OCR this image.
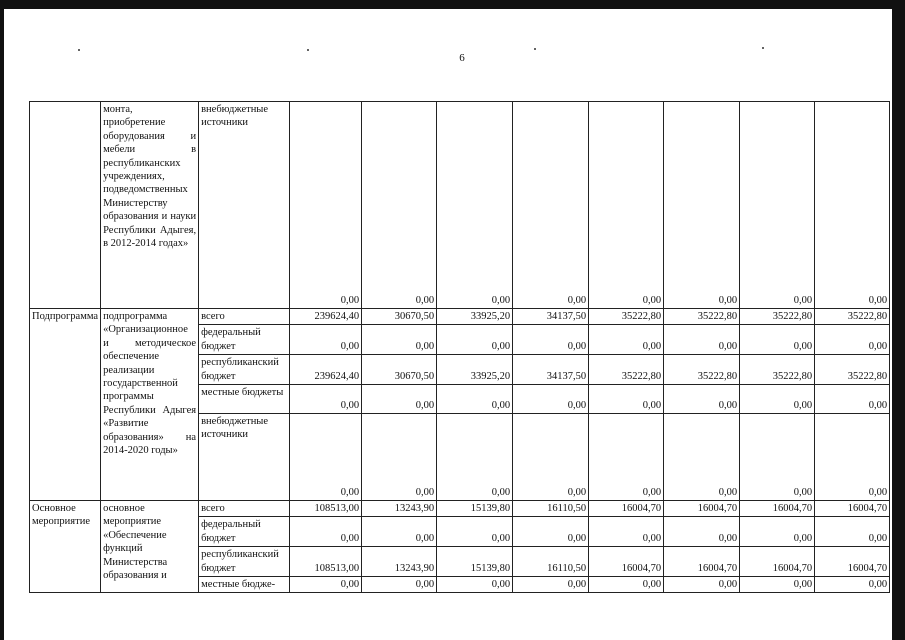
6
	монта, приобретение оборудования и мебели в республиканских учреждениях, подведомственных Министерству образования и науки Республики Адыгея, в 2012-2014 годах»	внебюджетные источники	0,00	0,00	0,00	0,00	0,00	0,00	0,00	0,00
Подпрограмма	подпрограмма «Организационное и методическое обеспечение реализации государственной программы Республики Адыгея «Развитие образования» на 2014-2020 годы»	всего	239624,40	30670,50	33925,20	34137,50	35222,80	35222,80	35222,80	35222,80
		федеральный бюджет	0,00	0,00	0,00	0,00	0,00	0,00	0,00	0,00
		республиканский бюджет	239624,40	30670,50	33925,20	34137,50	35222,80	35222,80	35222,80	35222,80
		местные бюджеты	0,00	0,00	0,00	0,00	0,00	0,00	0,00	0,00
		внебюджетные источники	0,00	0,00	0,00	0,00	0,00	0,00	0,00	0,00
Основное мероприятие	основное мероприятие «Обеспечение функций Министерства образования и	всего	108513,00	13243,90	15139,80	16110,50	16004,70	16004,70	16004,70	16004,70
		федеральный бюджет	0,00	0,00	0,00	0,00	0,00	0,00	0,00	0,00
		республиканский бюджет	108513,00	13243,90	15139,80	16110,50	16004,70	16004,70	16004,70	16004,70
		местные бюдже-	0,00	0,00	0,00	0,00	0,00	0,00	0,00	0,00
